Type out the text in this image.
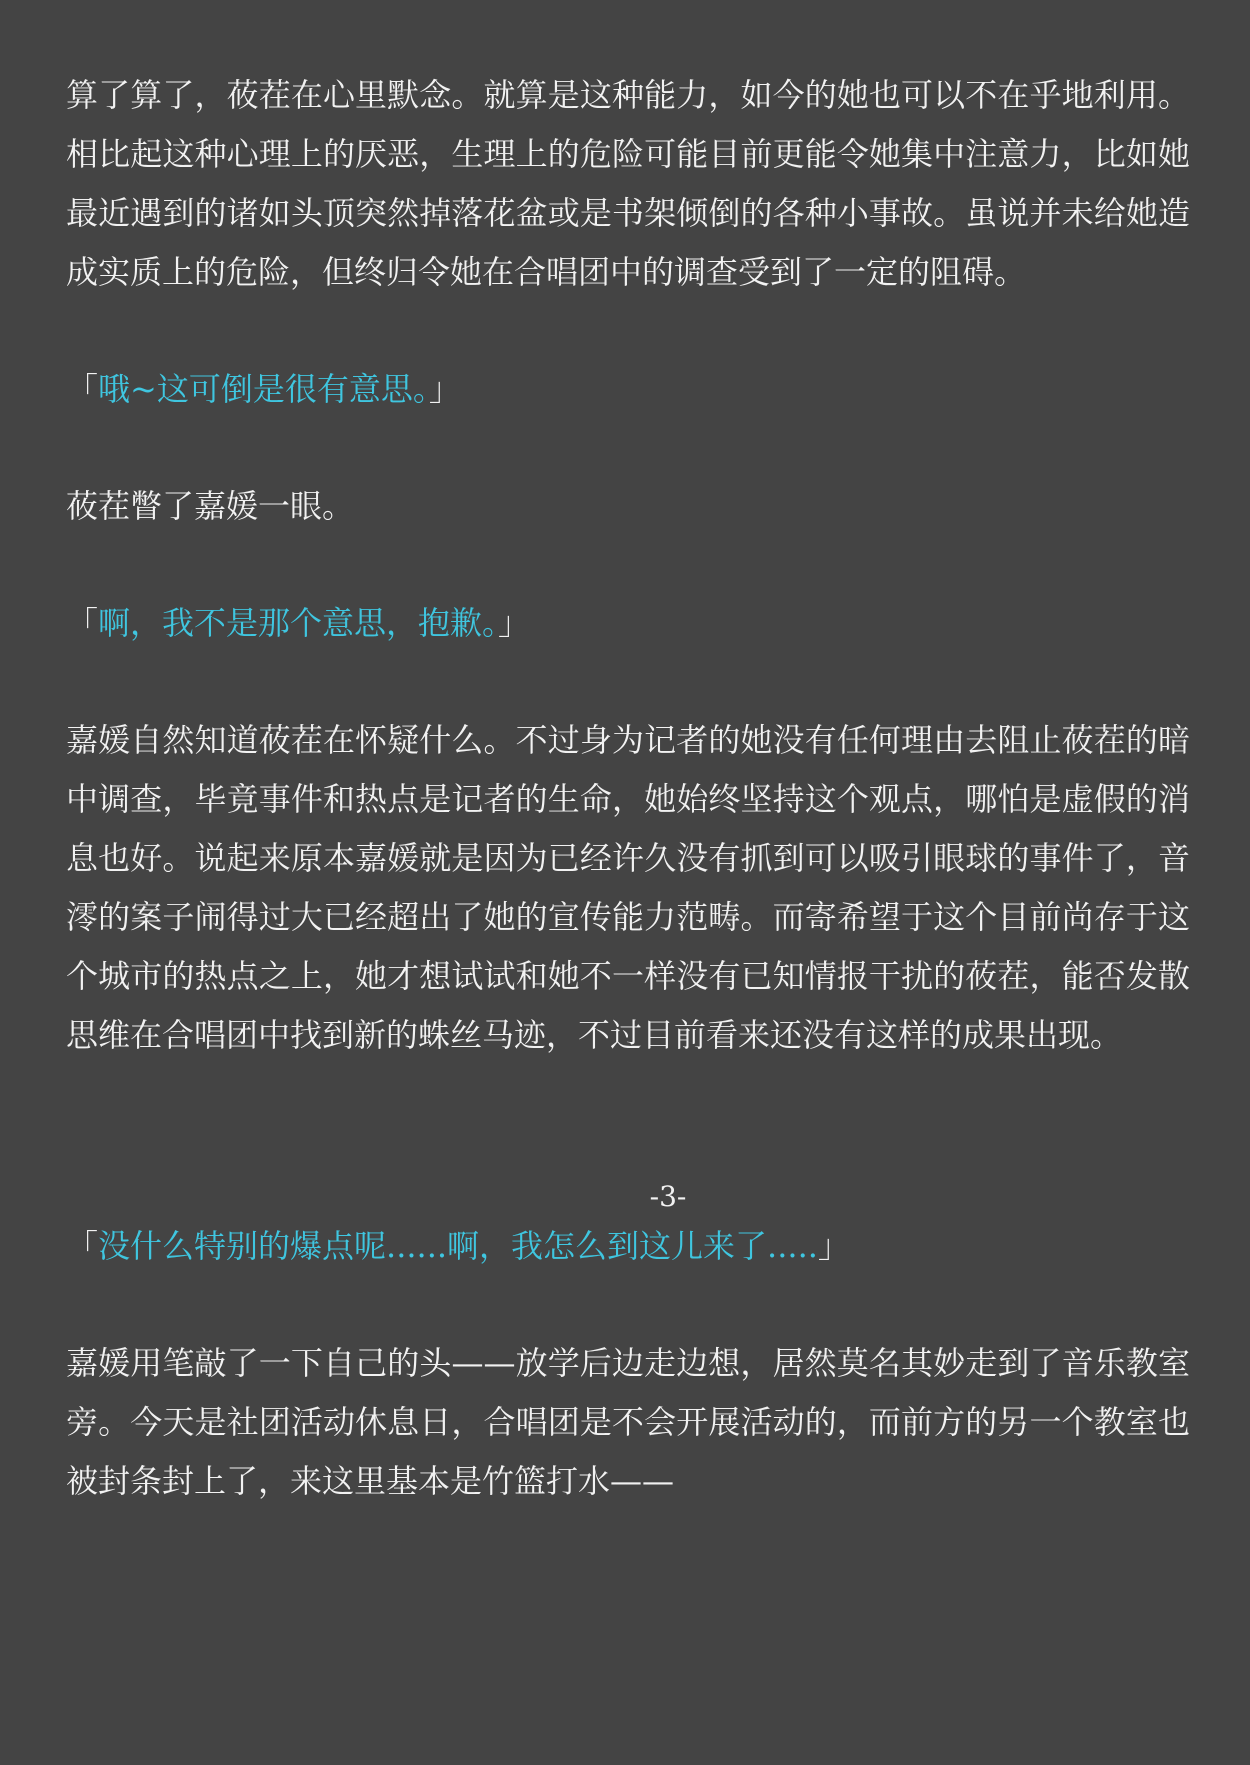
算了算了，莜茬在心里默念。就算是这种能力，如今的她也可以不在乎地利用。相比起这种心理上的厌恶，生理上的危险可能目前更能令她集中注意力，比如她最近遇到的诸如头顶突然掉落花盆或是书架倾倒的各种小事故。虽说并未给她造成实质上的危险，但终归令她在合唱团中的调查受到了一定的阻碍。

「哦~这可倒是很有意思。」

莜茬瞥了嘉媛一眼。

「啊，我不是那个意思，抱歉。」

嘉媛自然知道莜茬在怀疑什么。不过身为记者的她没有任何理由去阻止莜茬的暗中调查，毕竟事件和热点是记者的生命，她始终坚持这个观点，哪怕是虚假的消息也好。说起来原本嘉媛就是因为已经许久没有抓到可以吸引眼球的事件了，音澪的案子闹得过大已经超出了她的宣传能力范畴。而寄希望于这个目前尚存于这个城市的热点之上，她才想试试和她不一样没有已知情报干扰的莜茬，能否发散思维在合唱团中找到新的蛛丝马迹，不过目前看来还没有这样的成果出现。

-3-

「没什么特别的爆点呢......啊，我怎么到这儿来了.....」

嘉媛用笔敲了一下自己的头——放学后边走边想，居然莫名其妙走到了音乐教室旁。今天是社团活动休息日，合唱团是不会开展活动的，而前方的另一个教室也被封条封上了，来这里基本是竹篮打水——
